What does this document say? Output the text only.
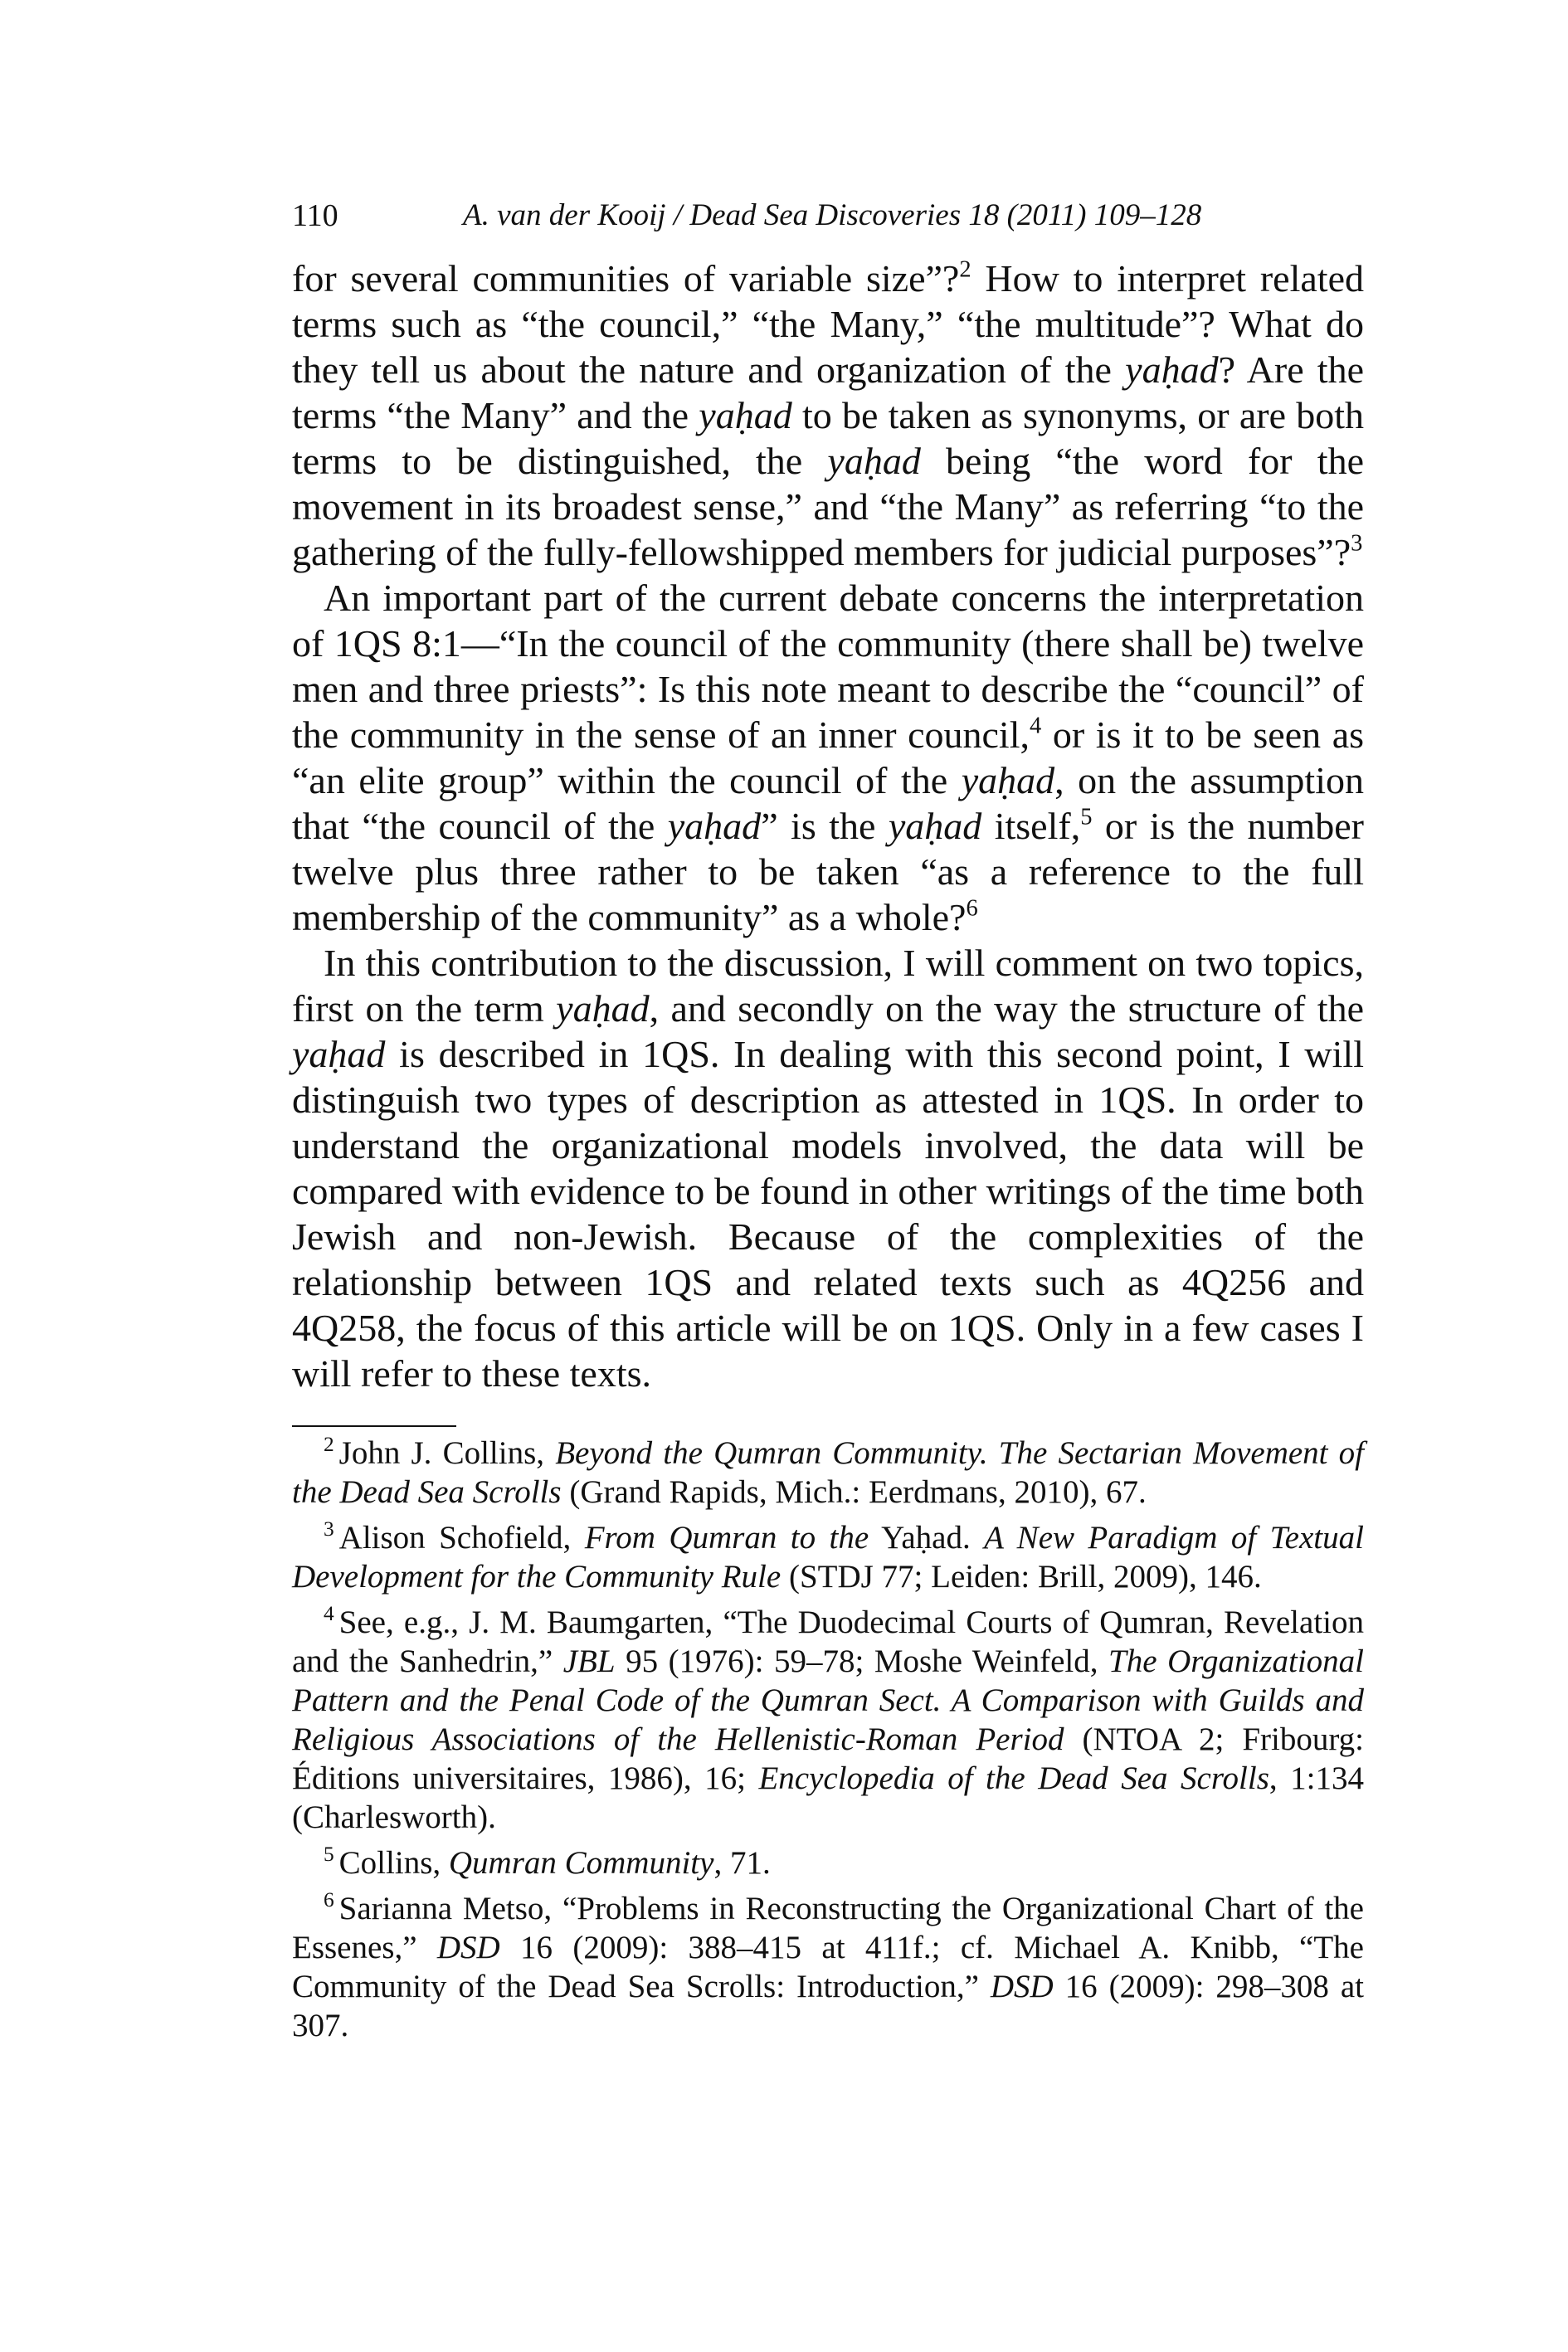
110	A. van der Kooij / Dead Sea Discoveries 18 (2011) 109–128

for several communities of variable size”?$^2$ How to interpret related terms such as “the council,” “the Many,” “the multitude”? What do they tell us about the nature and organization of the yaḥad? Are the terms “the Many” and the yaḥad to be taken as synonyms, or are both terms to be distinguished, the yaḥad being “the word for the movement in its broadest sense,” and “the Many” as referring “to the gathering of the fully-fellowshipped members for judicial purposes”?$^3$

An important part of the current debate concerns the interpretation of 1QS 8:1—“In the council of the community (there shall be) twelve men and three priests”: Is this note meant to describe the “council” of the community in the sense of an inner council,$^4$ or is it to be seen as “an elite group” within the council of the yaḥad, on the assumption that “the council of the yaḥad” is the yaḥad itself,$^5$ or is the number twelve plus three rather to be taken “as a reference to the full membership of the community” as a whole?$^6$

In this contribution to the discussion, I will comment on two topics, first on the term yaḥad, and secondly on the way the structure of the yaḥad is described in 1QS. In dealing with this second point, I will distinguish two types of description as attested in 1QS. In order to understand the organizational models involved, the data will be compared with evidence to be found in other writings of the time both Jewish and non-Jewish. Because of the complexities of the relationship between 1QS and related texts such as 4Q256 and 4Q258, the focus of this article will be on 1QS. Only in a few cases I will refer to these texts.

$^2$ John J. Collins, Beyond the Qumran Community. The Sectarian Movement of the Dead Sea Scrolls (Grand Rapids, Mich.: Eerdmans, 2010), 67.

$^3$ Alison Schofield, From Qumran to the Yaḥad. A New Paradigm of Textual Development for the Community Rule (STDJ 77; Leiden: Brill, 2009), 146.

$^4$ See, e.g., J. M. Baumgarten, “The Duodecimal Courts of Qumran, Revelation and the Sanhedrin,” JBL 95 (1976): 59–78; Moshe Weinfeld, The Organizational Pattern and the Penal Code of the Qumran Sect. A Comparison with Guilds and Religious Associations of the Hellenistic-Roman Period (NTOA 2; Fribourg: Éditions universitaires, 1986), 16; Encyclopedia of the Dead Sea Scrolls, 1:134 (Charlesworth).

$^5$ Collins, Qumran Community, 71.

$^6$ Sarianna Metso, “Problems in Reconstructing the Organizational Chart of the Essenes,” DSD 16 (2009): 388–415 at 411f.; cf. Michael A. Knibb, “The Community of the Dead Sea Scrolls: Introduction,” DSD 16 (2009): 298–308 at 307.
